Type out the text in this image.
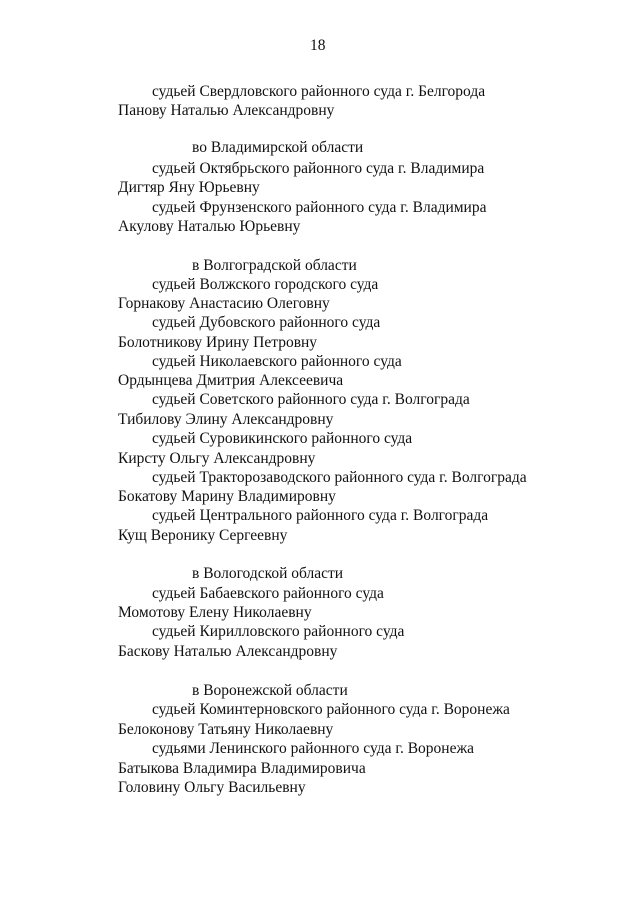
18
судьей Свердловского районного суда г. Белгорода
Панову Наталью Александровну
во Владимирской области
судьей Октябрьского районного суда г. Владимира
Дигтяр Яну Юрьевну
судьей Фрунзенского районного суда г. Владимира
Акулову Наталью Юрьевну
в Волгоградской области
судьей Волжского городского суда
Горнакову Анастасию Олеговну
судьей Дубовского районного суда
Болотникову Ирину Петровну
судьей Николаевского районного суда
Ордынцева Дмитрия Алексеевича
судьей Советского районного суда г. Волгограда
Тибилову Элину Александровну
судьей Суровикинского районного суда
Кирсту Ольгу Александровну
судьей Тракторозаводского районного суда г. Волгограда
Бокатову Марину Владимировну
судьей Центрального районного суда г. Волгограда
Кущ Веронику Сергеевну
в Вологодской области
судьей Бабаевского районного суда
Момотову Елену Николаевну
судьей Кирилловского районного суда
Баскову Наталью Александровну
в Воронежской области
судьей Коминтерновского районного суда г. Воронежа
Белоконову Татьяну Николаевну
судьями Ленинского районного суда г. Воронежа
Батыкова Владимира Владимировича
Головину Ольгу Васильевну
